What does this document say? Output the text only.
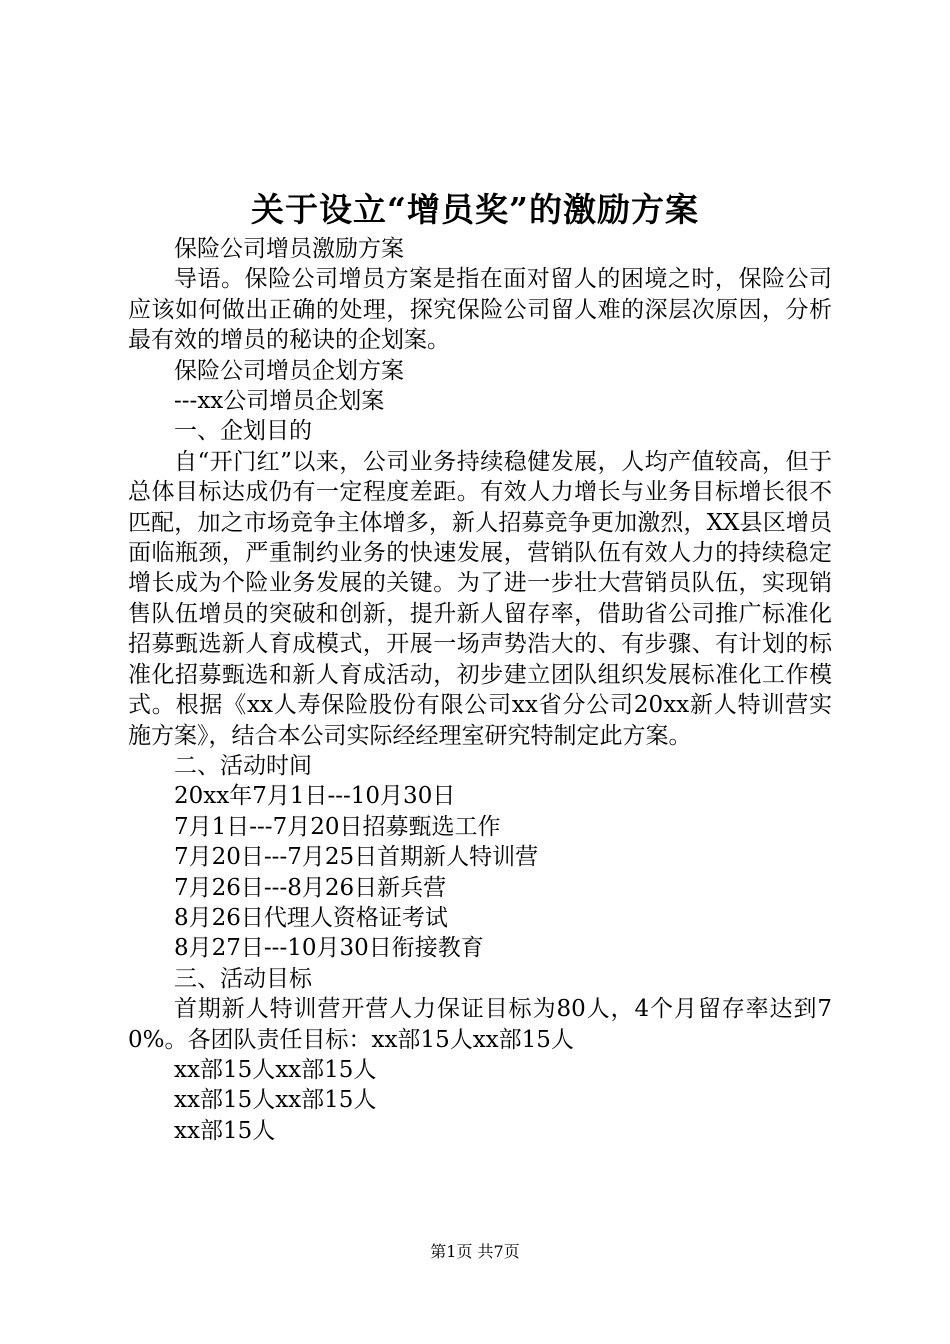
关于设立“增员奖”的激励方案

保险公司增员激励方案

导语。保险公司增员方案是指在面对留人的困境之时，保险公司应该如何做出正确的处理，探究保险公司留人难的深层次原因，分析最有效的增员的秘诀的企划案。

保险公司增员企划方案

---xx公司增员企划案

一、企划目的

自“开门红”以来，公司业务持续稳健发展，人均产值较高，但于总体目标达成仍有一定程度差距。有效人力增长与业务目标增长很不匹配，加之市场竞争主体增多，新人招募竞争更加激烈，XX县区增员面临瓶颈，严重制约业务的快速发展，营销队伍有效人力的持续稳定增长成为个险业务发展的关键。为了进一步壮大营销员队伍，实现销售队伍增员的突破和创新，提升新人留存率，借助省公司推广标准化招募甄选新人育成模式，开展一场声势浩大的、有步骤、有计划的标准化招募甄选和新人育成活动，初步建立团队组织发展标准化工作模式。根据《xx人寿保险股份有限公司xx省分公司20xx新人特训营实施方案》，结合本公司实际经经理室研究特制定此方案。

二、活动时间

20xx年7月1日---10月30日

7月1日---7月20日招募甄选工作

7月20日---7月25日首期新人特训营

7月26日---8月26日新兵营

8月26日代理人资格证考试

8月27日---10月30日衔接教育

三、活动目标

首期新人特训营开营人力保证目标为80人，4个月留存率达到70%。各团队责任目标：xx部15人xx部15人

xx部15人xx部15人

xx部15人xx部15人

xx部15人

第1页 共7页
